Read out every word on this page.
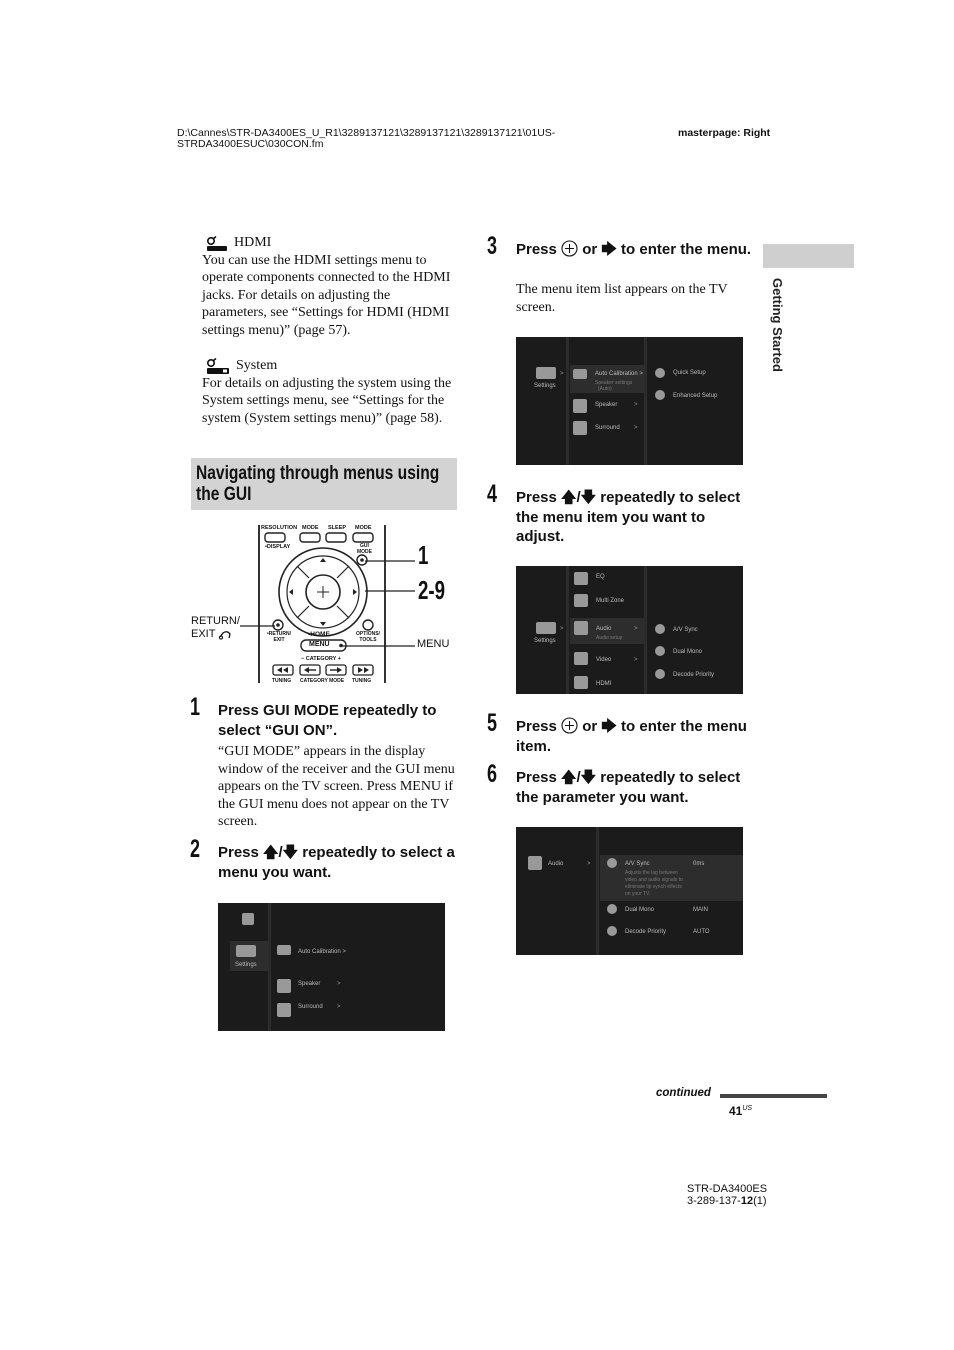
D:\Cannes\STR-DA3400ES_U_R1\3289137121\3289137121\3289137121\01US-
STRDA3400ESUC\030CON.fm
masterpage: Right
Getting Started
HDMI
You can use the HDMI settings menu to operate components connected to the HDMI jacks. For details on adjusting the parameters, see “Settings for HDMI (HDMI settings menu)” (page 57).
System
For details on adjusting the system using the System settings menu, see “Settings for the system (System settings menu)” (page 58).
Navigating through menus using
the GUI
RESOLUTION MODE SLEEP MODE
•DISPLAY	GUI
MODE
•RETURN/ EXIT
•HOME
MENU
OPTIONS/ TOOLS
− CATEGORY +
TUNING CATEGORY MODE TUNING
1
2-9
RETURN/
EXIT
MENU
1 Press GUI MODE repeatedly to select “GUI ON”.
“GUI MODE” appears in the display window of the receiver and the GUI menu appears on the TV screen. Press MENU if the GUI menu does not appear on the TV screen.
2 Press 🡅/🡇 repeatedly to select a menu you want.
Settings
Auto Calibration >
Speaker	>
Surround >
3 Press  or 🡆 to enter the menu.
The menu item list appears on the TV screen.
Settings
>	Auto Calibration >
Speaker settings
(Auto)
Speaker	>
Surround >
Quick Setup
Enhanced Setup
4 Press 🡅/🡇 repeatedly to select the menu item you want to adjust.
Settings
>
EQ
Multi Zone
Audio	>
Audio setup
Video	>
HDMI
A/V Sync
Dual Mono
Decode Priority
5 Press  or 🡆 to enter the menu item.
6 Press 🡅/🡇 repeatedly to select the parameter you want.
Audio	>	A/V Sync	0ms
Adjusts the lag between
video and audio signals to
eliminate lip synch effects
on your TV.
Dual Mono	MAIN
Decode Priority	AUTO
continued
$41^{US}$
STR-DA3400ES
3-289-137-12(1)
